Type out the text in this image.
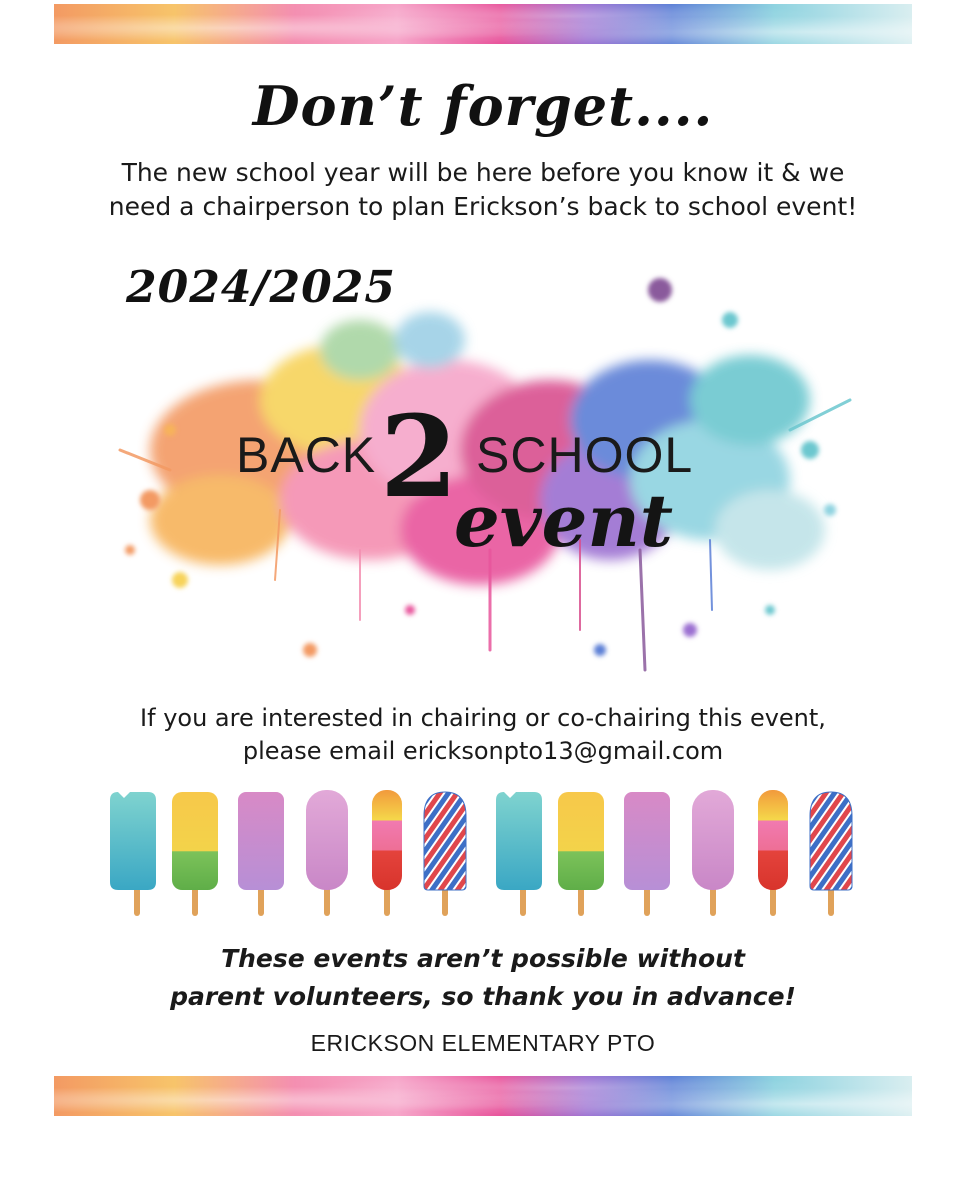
Don’t forget....
The new school year will be here before you know it & we
need a chairperson to plan Erickson’s back to school event!
2024/2025
BACK 2 SCHOOL
event
If you are interested in chairing or co-chairing this event,
please email ericksonpto13@gmail.com
These events aren’t possible without
parent volunteers, so thank you in advance!
ERICKSON ELEMENTARY PTO
